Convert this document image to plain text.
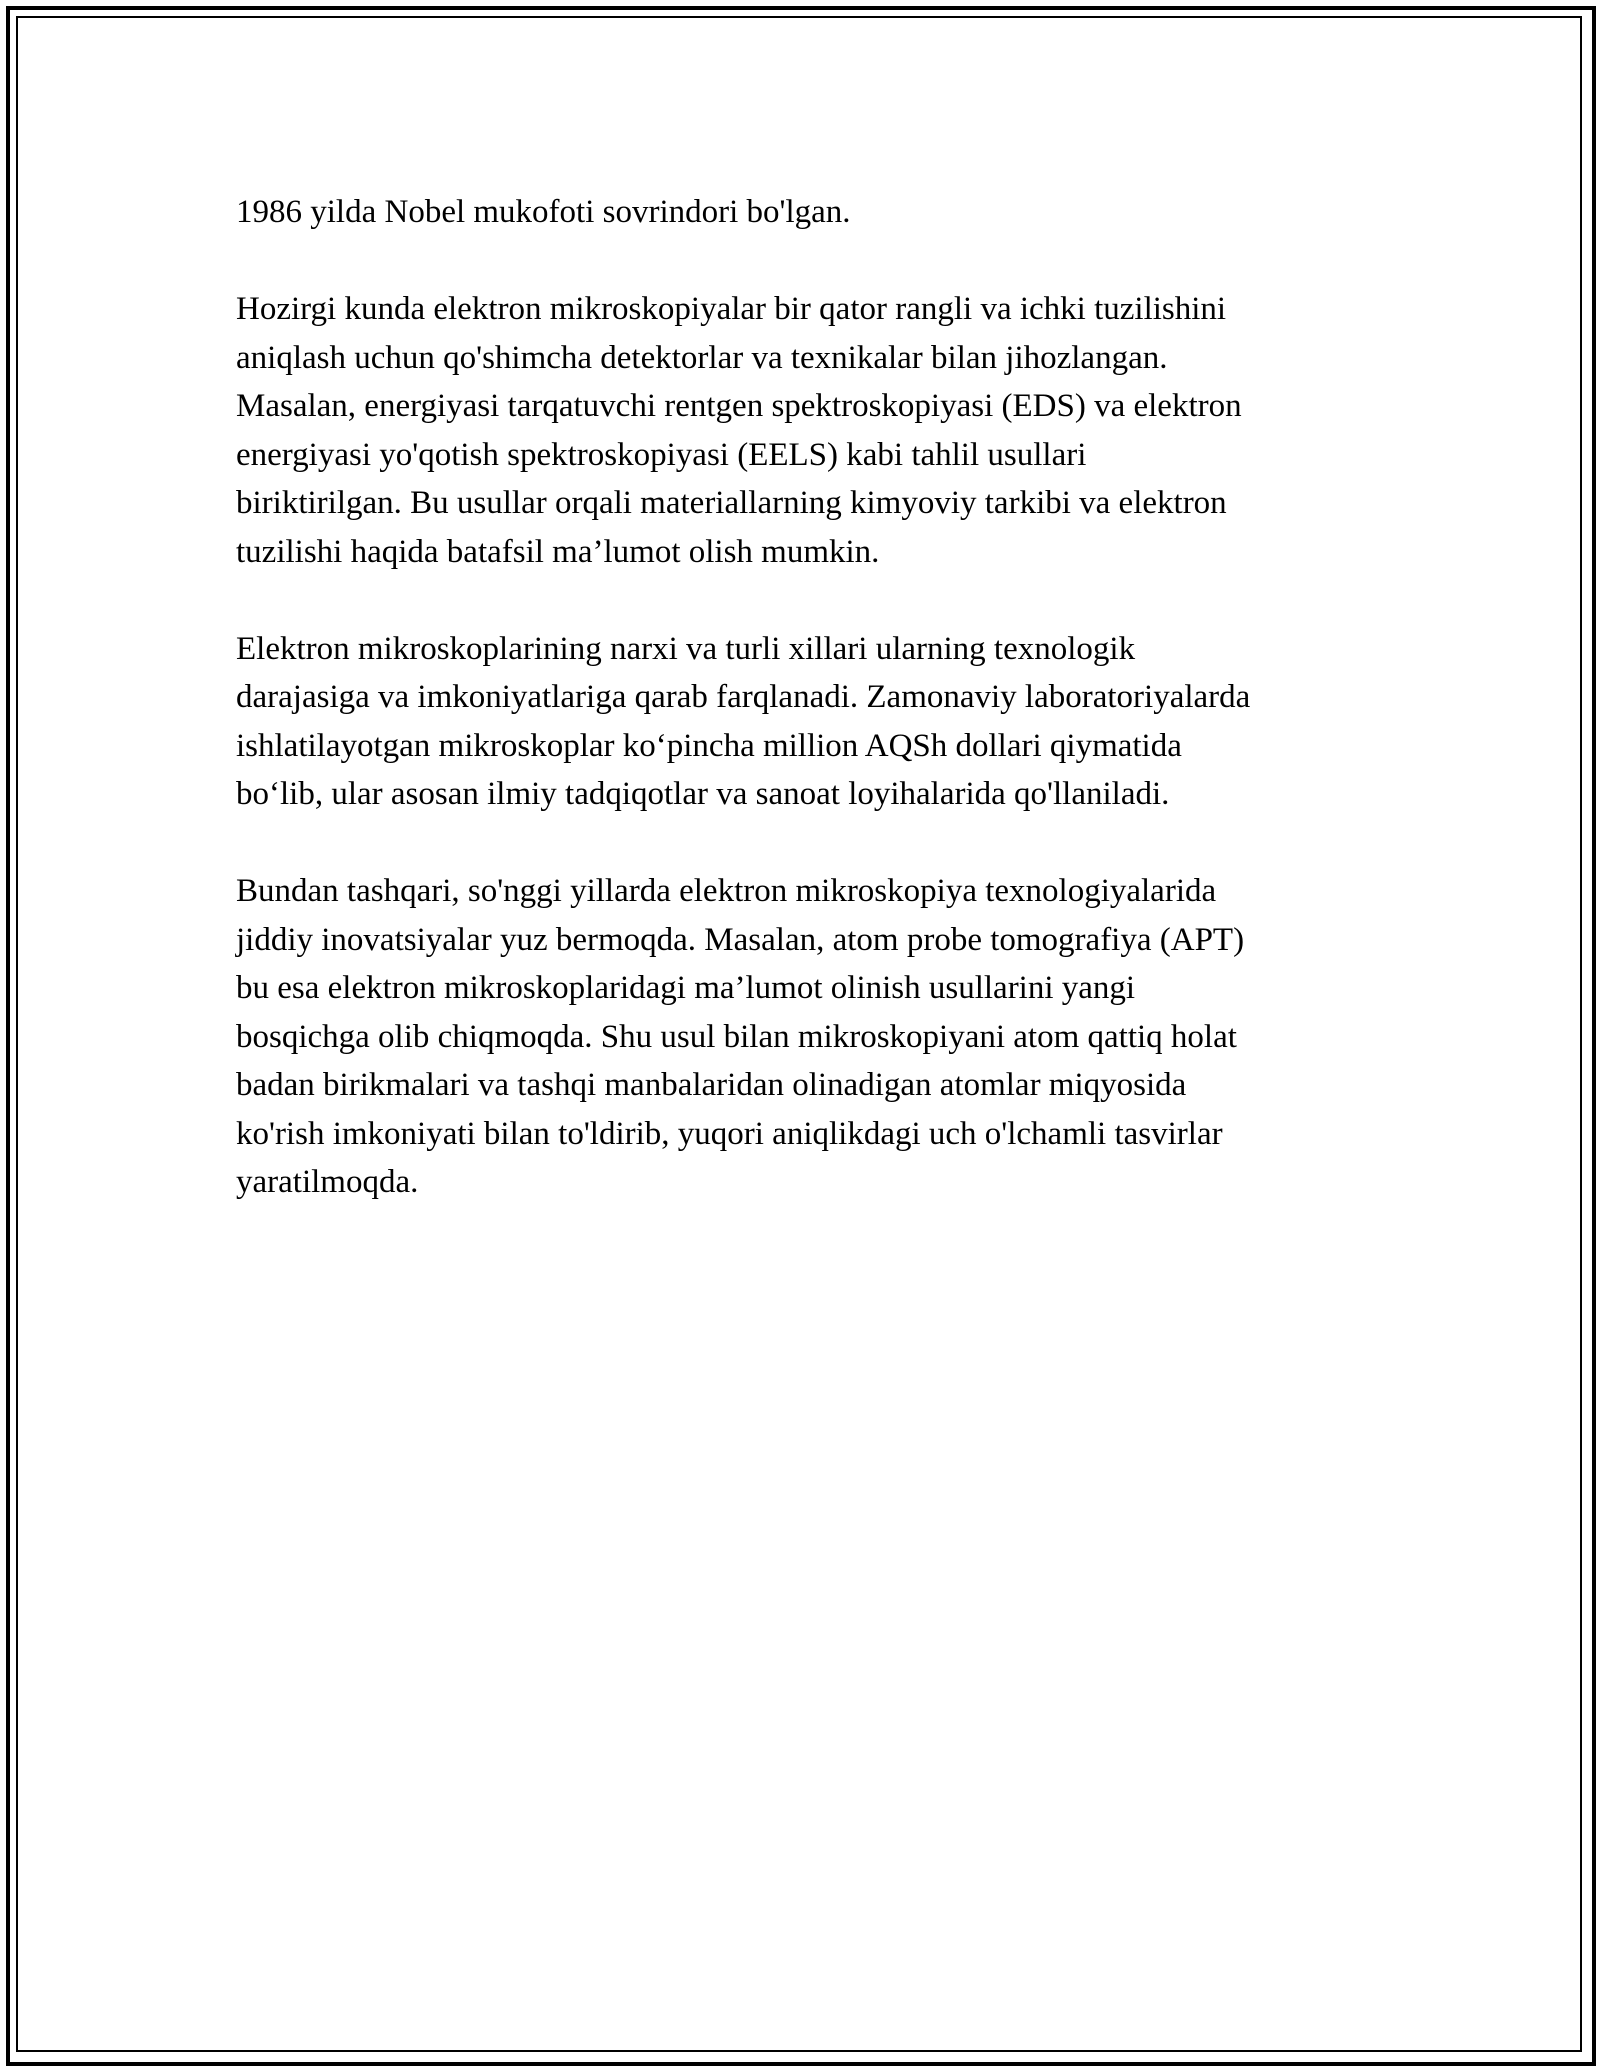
1986 yilda Nobel mukofoti sovrindori bo'lgan.

Hozirgi kunda elektron mikroskopiyalar bir qator rangli va ichki tuzilishini
aniqlash uchun qo'shimcha detektorlar va texnikalar bilan jihozlangan.
Masalan, energiyasi tarqatuvchi rentgen spektroskopiyasi (EDS) va elektron
energiyasi yo'qotish spektroskopiyasi (EELS) kabi tahlil usullari
biriktirilgan. Bu usullar orqali materiallarning kimyoviy tarkibi va elektron
tuzilishi haqida batafsil ma’lumot olish mumkin.

Elektron mikroskoplarining narxi va turli xillari ularning texnologik
darajasiga va imkoniyatlariga qarab farqlanadi. Zamonaviy laboratoriyalarda
ishlatilayotgan mikroskoplar ko‘pincha million AQSh dollari qiymatida
bo‘lib, ular asosan ilmiy tadqiqotlar va sanoat loyihalarida qo'llaniladi.

Bundan tashqari, so'nggi yillarda elektron mikroskopiya texnologiyalarida
jiddiy inovatsiyalar yuz bermoqda. Masalan, atom probe tomografiya (APT)
bu esa elektron mikroskoplaridagi ma’lumot olinish usullarini yangi
bosqichga olib chiqmoqda. Shu usul bilan mikroskopiyani atom qattiq holat
badan birikmalari va tashqi manbalaridan olinadigan atomlar miqyosida
ko'rish imkoniyati bilan to'ldirib, yuqori aniqlikdagi uch o'lchamli tasvirlar
yaratilmoqda.
